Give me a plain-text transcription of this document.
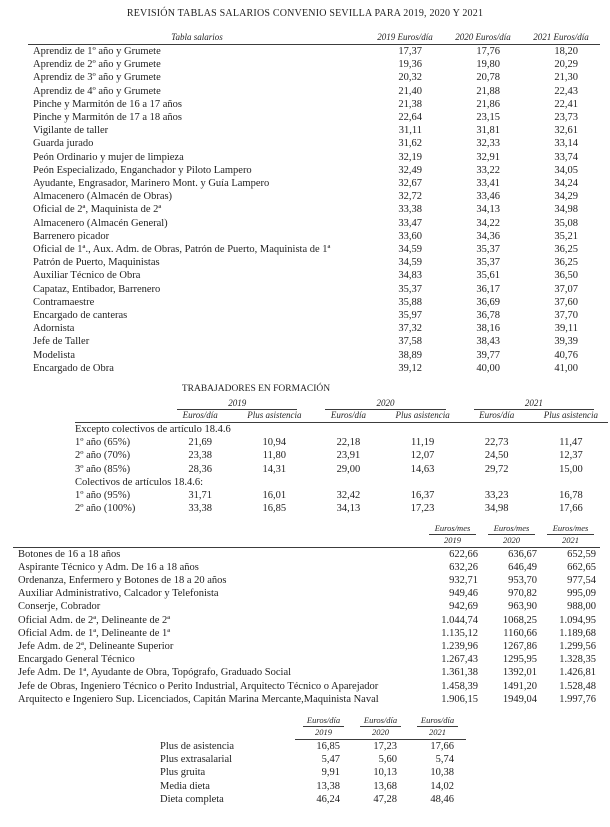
REVISIÓN TABLAS SALARIOS CONVENIO SEVILLA PARA 2019, 2020 Y 2021
Tabla salarios	2019 Euros/día	2020 Euros/día	2021 Euros/día
Aprendiz de 1º año y Grumete	17,37	17,76	18,20
Aprendiz de 2º año y Grumete	19,36	19,80	20,29
Aprendiz de 3º año y Grumete	20,32	20,78	21,30
Aprendiz de 4º año y Grumete	21,40	21,88	22,43
Pinche y Marmitón de 16 a 17 años	21,38	21,86	22,41
Pinche y Marmitón de 17 a 18 años	22,64	23,15	23,73
Vigilante de taller	31,11	31,81	32,61
Guarda jurado	31,62	32,33	33,14
Peón Ordinario y mujer de limpieza	32,19	32,91	33,74
Peón Especializado, Enganchador y Piloto Lampero	32,49	33,22	34,05
Ayudante, Engrasador, Marinero Mont. y Guía Lampero	32,67	33,41	34,24
Almacenero (Almacén de Obras)	32,72	33,46	34,29
Oficial de 2ª, Maquinista de 2ª	33,38	34,13	34,98
Almacenero (Almacén General)	33,47	34,22	35,08
Barrenero picador	33,60	34,36	35,21
Oficial de 1ª., Aux. Adm. de Obras, Patrón de Puerto, Maquinista de 1ª	34,59	35,37	36,25
Patrón de Puerto, Maquinistas	34,59	35,37	36,25
Auxiliar Técnico de Obra	34,83	35,61	36,50
Capataz, Entibador, Barrenero	35,37	36,17	37,07
Contramaestre	35,88	36,69	37,60
Encargado de canteras	35,97	36,78	37,70
Adornista	37,32	38,16	39,11
Jefe de Taller	37,58	38,43	39,39
Modelista	38,89	39,77	40,76
Encargado de Obra	39,12	40,00	41,00
TRABAJADORES EN FORMACIÓN

	2019		2020		2021	

	Euros/día	Plus asistencia	Euros/día	Plus asistencia	Euros/día	Plus asistencia
Excepto colectivos de artículo 18.4.6						
1º año (65%)	21,69	10,94	22,18	11,19	22,73	11,47
2º año (70%)	23,38	11,80	23,91	12,07	24,50	12,37
3º año (85%)	28,36	14,31	29,00	14,63	29,72	15,00
Colectivos de artículos 18.4.6:						
1º año (95%)	31,71	16,01	32,42	16,37	33,23	16,78
2º año (100%)	33,38	16,85	34,13	17,23	34,98	17,66

	Euros/mes	Euros/mes	Euros/mes

	2019	2020	2021
Botones de 16 a 18 años	622,66	636,67	652,59
Aspirante Técnico y Adm. De 16 a 18 años	632,26	646,49	662,65
Ordenanza, Enfermero y Botones de 18 a 20 años	932,71	953,70	977,54
Auxiliar Administrativo, Calcador y Telefonista	949,46	970,82	995,09
Conserje, Cobrador	942,69	963,90	988,00
Oficial Adm. de 2ª, Delineante de 2ª	1.044,74	1068,25	1.094,95
Oficial Adm. de 1ª, Delineante de 1ª	1.135,12	1160,66	1.189,68
Jefe Adm. de 2ª, Delineante Superior	1.239,96	1267,86	1.299,56
Encargado General Técnico	1.267,43	1295,95	1.328,35
Jefe Adm. De 1ª, Ayudante de Obra, Topógrafo, Graduado Social	1.361,38	1392,01	1.426,81
Jefe de Obras, Ingeniero Técnico o Perito Industrial, Arquitecto Técnico o Aparejador	1.458,39	1491,20	1.528,48
Arquitecto e Ingeniero Sup. Licenciados, Capitán Marina Mercante,Maquinista Naval	1.906,15	1949,04	1.997,76

	Euros/día	Euros/día	Euros/día

	2019	2020	2021
Plus de asistencia	16,85	17,23	17,66
Plus extrasalarial	5,47	5,60	5,74
Plus gruita	9,91	10,13	10,38
Media dieta	13,38	13,68	14,02
Dieta completa	46,24	47,28	48,46
